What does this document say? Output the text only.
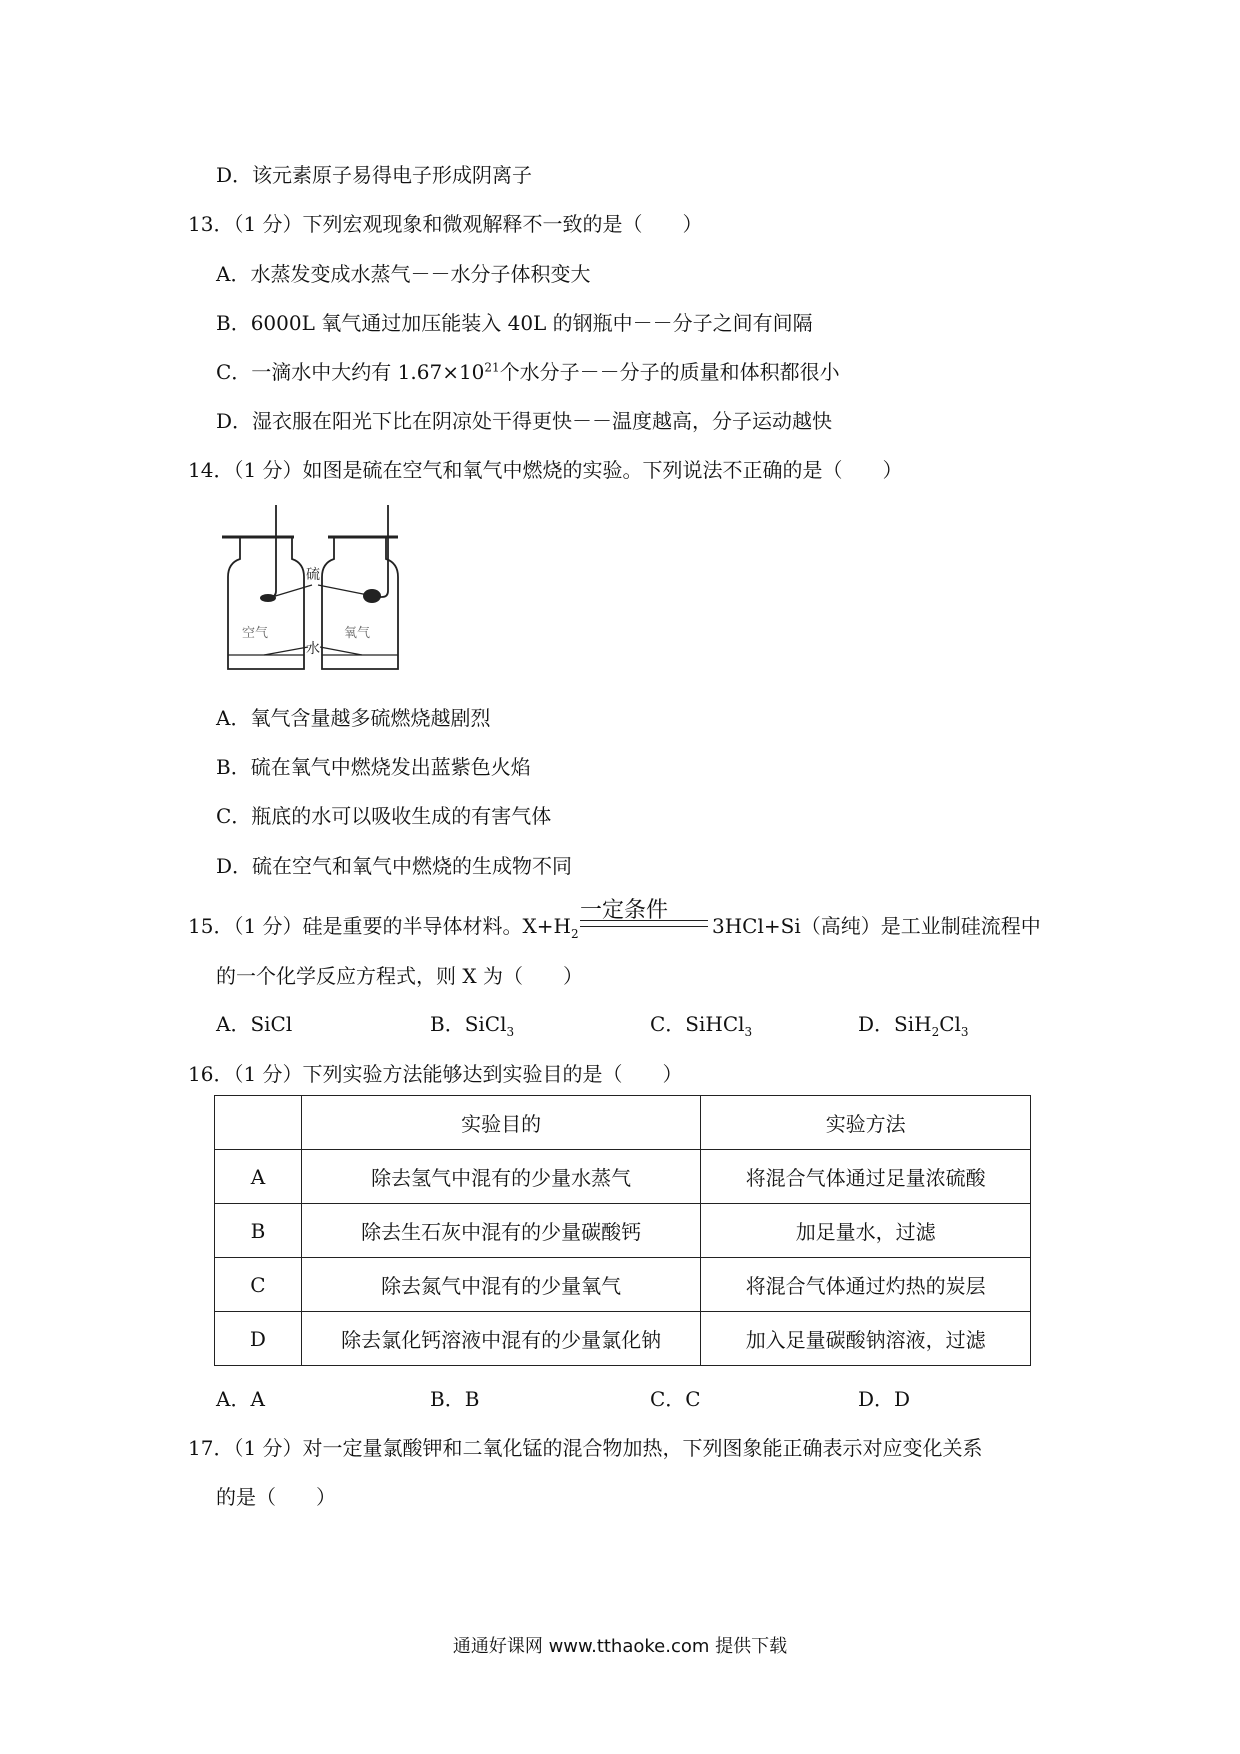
D．该元素原子易得电子形成阴离子
13．（1 分）下列宏观现象和微观解释不一致的是（　　）
A．水蒸发变成水蒸气－－水分子体积变大
B．6000L 氧气通过加压能装入 40L 的钢瓶中－－分子之间有间隔
C．一滴水中大约有 $1.67\times 10^{21}$个水分子－－分子的质量和体积都很小
D．湿衣服在阳光下比在阴凉处干得更快－－温度越高，分子运动越快
14．（1 分）如图是硫在空气和氧气中燃烧的实验。下列说法不正确的是（　　）
硫
空气
水
氧气
A．氧气含量越多硫燃烧越剧烈
B．硫在氧气中燃烧发出蓝紫色火焰
C．瓶底的水可以吸收生成的有害气体
D．硫在空气和氧气中燃烧的生成物不同
一定条件
15．（1 分）硅是重要的半导体材料。$X+H_2$	3HCl+Si（高纯）是工业制硅流程中
的一个化学反应方程式，则 X 为（　　）
A．SiCl	B．SiCl$_3$	C．SiHCl$_3$	D．$SiH_2Cl_3$
16．（1 分）下列实验方法能够达到实验目的是（　　）
	实验目的	实验方法
A	除去氢气中混有的少量水蒸气	将混合气体通过足量浓硫酸
B	除去生石灰中混有的少量碳酸钙	加足量水，过滤
C	除去氮气中混有的少量氧气	将混合气体通过灼热的炭层
D	除去氯化钙溶液中混有的少量氯化钠	加入足量碳酸钠溶液，过滤
A．A	B．B	C．C	D．D
17．（1 分）对一定量氯酸钾和二氧化锰的混合物加热，下列图象能正确表示对应变化关系
的是（　　）
通通好课网 www.tthaoke.com 提供下载
